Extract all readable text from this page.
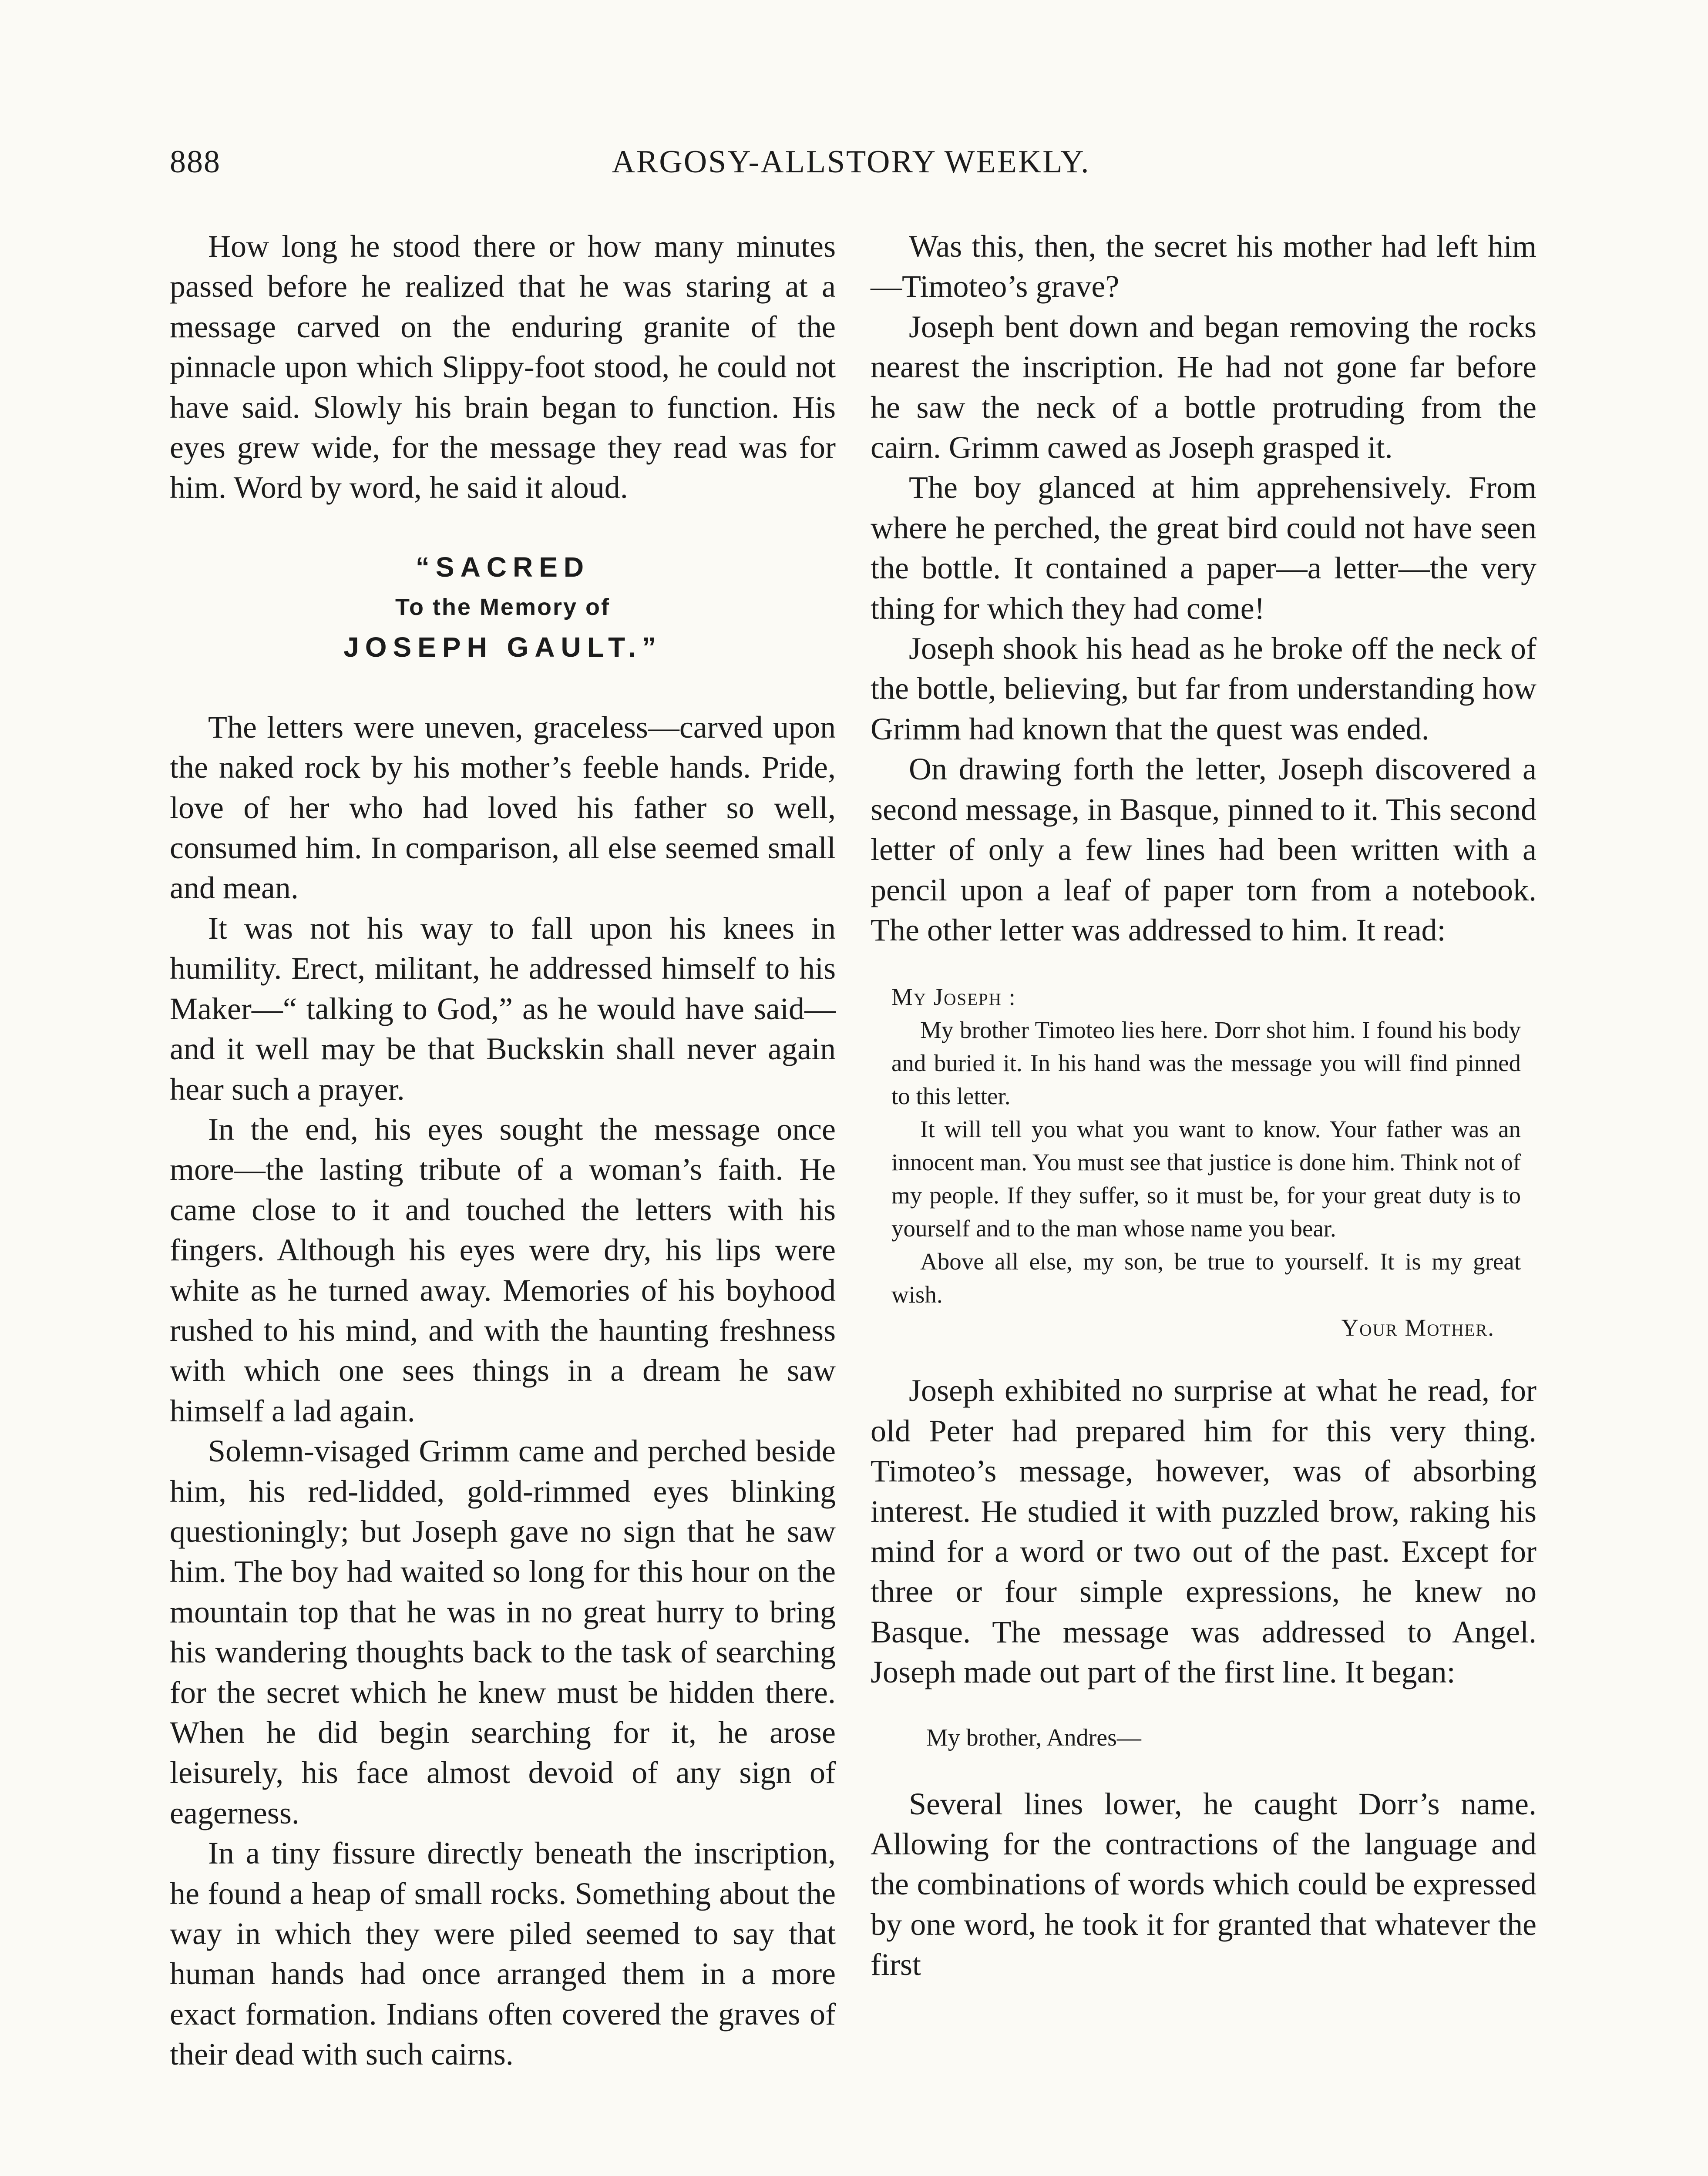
888	ARGOSY-ALLSTORY WEEKLY.

How long he stood there or how many minutes passed before he realized that he was staring at a message carved on the enduring granite of the pinnacle upon which Slippy-foot stood, he could not have said. Slowly his brain began to function. His eyes grew wide, for the message they read was for him. Word by word, he said it aloud.

“SACRED
To the Memory of
JOSEPH GAULT.”

The letters were uneven, graceless—carved upon the naked rock by his mother’s feeble hands. Pride, love of her who had loved his father so well, consumed him. In comparison, all else seemed small and mean.

It was not his way to fall upon his knees in humility. Erect, militant, he addressed himself to his Maker—“ talking to God,” as he would have said—and it well may be that Buckskin shall never again hear such a prayer.

In the end, his eyes sought the message once more—the lasting tribute of a woman’s faith. He came close to it and touched the letters with his fingers. Although his eyes were dry, his lips were white as he turned away. Memories of his boyhood rushed to his mind, and with the haunting freshness with which one sees things in a dream he saw himself a lad again.

Solemn-visaged Grimm came and perched beside him, his red-lidded, gold-rimmed eyes blinking questioningly; but Joseph gave no sign that he saw him. The boy had waited so long for this hour on the mountain top that he was in no great hurry to bring his wandering thoughts back to the task of searching for the secret which he knew must be hidden there. When he did begin searching for it, he arose leisurely, his face almost devoid of any sign of eagerness.

In a tiny fissure directly beneath the inscription, he found a heap of small rocks. Something about the way in which they were piled seemed to say that human hands had once arranged them in a more exact formation. Indians often covered the graves of their dead with such cairns.

Was this, then, the secret his mother had left him—Timoteo’s grave?

Joseph bent down and began removing the rocks nearest the inscription. He had not gone far before he saw the neck of a bottle protruding from the cairn. Grimm cawed as Joseph grasped it.

The boy glanced at him apprehensively. From where he perched, the great bird could not have seen the bottle. It contained a paper—a letter—the very thing for which they had come!

Joseph shook his head as he broke off the neck of the bottle, believing, but far from understanding how Grimm had known that the quest was ended.

On drawing forth the letter, Joseph discovered a second message, in Basque, pinned to it. This second letter of only a few lines had been written with a pencil upon a leaf of paper torn from a notebook. The other letter was addressed to him. It read:

My Joseph :

My brother Timoteo lies here. Dorr shot him. I found his body and buried it. In his hand was the message you will find pinned to this letter.

It will tell you what you want to know. Your father was an innocent man. You must see that justice is done him. Think not of my people. If they suffer, so it must be, for your great duty is to yourself and to the man whose name you bear.

Above all else, my son, be true to yourself. It is my great wish.

Your Mother.

Joseph exhibited no surprise at what he read, for old Peter had prepared him for this very thing. Timoteo’s message, however, was of absorbing interest. He studied it with puzzled brow, raking his mind for a word or two out of the past. Except for three or four simple expressions, he knew no Basque. The message was addressed to Angel. Joseph made out part of the first line. It began:

My brother, Andres—

Several lines lower, he caught Dorr’s name. Allowing for the contractions of the language and the combinations of words which could be expressed by one word, he took it for granted that whatever the first
